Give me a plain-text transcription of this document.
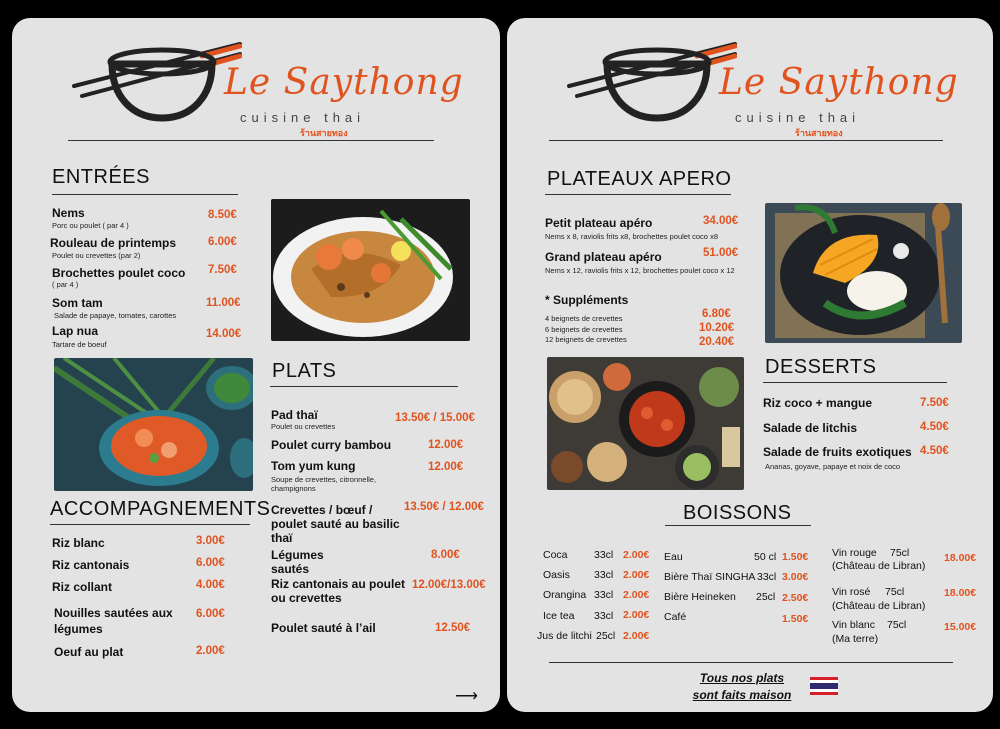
Le Saythong
cuisine thai
ร้านสายทอง
ENTRÉES
Nems
Porc ou poulet ( par 4 )
8.50€
Rouleau de printemps
Poulet ou crevettes (par 2)
6.00€
Brochettes poulet coco
( par 4 )
7.50€
Som tam
Salade de papaye, tomates, carottes
11.00€
Lap nua
Tartare de boeuf
14.00€
PLATS
Pad thaï
Poulet ou crevettes
13.50€ / 15.00€
Poulet curry bambou	12.00€
Tom yum kung
Soupe de crevettes, citronnelle, champignons
12.00€
Crevettes / bœuf / poulet sauté au basilic thaï
13.50€ / 12.00€
Légumes sautés
8.00€
Riz cantonais au poulet ou crevettes
12.00€/13.00€
Poulet sauté à l’ail	12.50€
ACCOMPAGNEMENTS
Riz blanc	3.00€
Riz cantonais	6.00€
Riz collant	4.00€
Nouilles sautées aux légumes
6.00€
Oeuf au plat	2.00€
⟶
Le Saythong
cuisine thai
ร้านสายทอง
PLATEAUX APERO
Petit plateau apéro
Nems x 8, raviolis frits x8, brochettes poulet coco x8
34.00€
Grand plateau apéro
Nems x 12, raviolis frits x 12, brochettes poulet coco x 12
51.00€
* Suppléments
4 beignets de crevettes	6.80€
6 beignets de crevettes	10.20€
12 beignets de crevettes	20.40€
DESSERTS
Riz coco + mangue	7.50€
Salade de litchis	4.50€
Salade de fruits exotiques
Ananas, goyave, papaye et noix de coco
4.50€
BOISSONS
Coca	33cl 2.00€
Oasis 33cl 2.00€
Orangina 33cl 2.00€
Ice tea 33cl 2.00€
Jus de litchi 25cl 2.00€
Eau	50 cl 1.50€
Bière Thaï SINGHA 33cl 3.00€
Bière Heineken 25cl 2.50€
Café	1.50€
Vin rouge 75cl
(Château de Libran)
18.00€
Vin rosé 75cl
(Château de Libran)
18.00€
Vin blanc 75cl
(Ma terre)
15.00€
Tous nos plats
sont faits maison
